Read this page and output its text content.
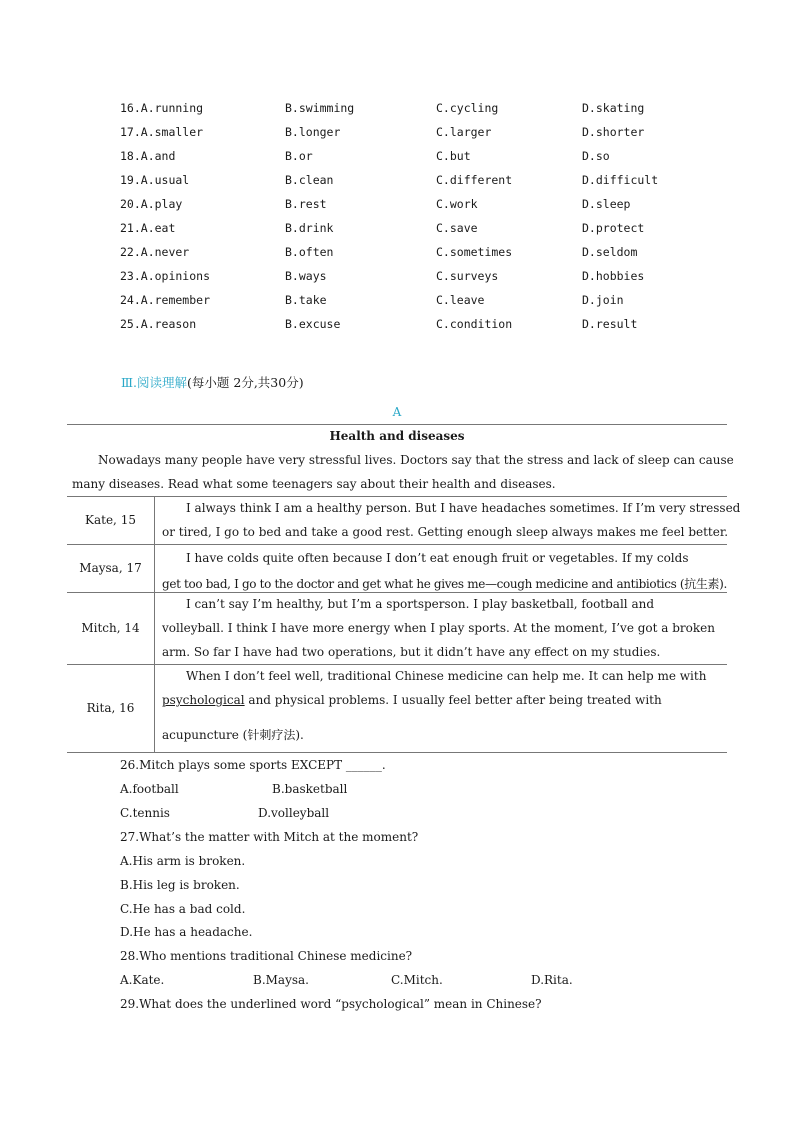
16.A.running	B.swimming	C.cycling	D.skating
17.A.smaller	B.longer	C.larger	D.shorter
18.A.and	B.or	C.but	D.so
19.A.usual	B.clean	C.different	D.difficult
20.A.play	B.rest	C.work	D.sleep
21.A.eat	B.drink	C.save	D.protect
22.A.never	B.often	C.sometimes	D.seldom
23.A.opinions	B.ways	C.surveys	D.hobbies
24.A.remember	B.take	C.leave	D.join
25.A.reason	B.excuse	C.condition	D.result
Ⅲ.阅读理解(每小题 2分,共30分)
A
Health and diseases
Nowadays many people have very stressful lives. Doctors say that the stress and lack of sleep can cause
many diseases. Read what some teenagers say about their health and diseases.
Kate, 15
I always think I am a healthy person. But I have headaches sometimes. If I’m very stressed
or tired, I go to bed and take a good rest. Getting enough sleep always makes me feel better.
Maysa, 17
I have colds quite often because I don’t eat enough fruit or vegetables. If my colds
get too bad, I go to the doctor and get what he gives me—cough medicine and antibiotics (抗生素).
Mitch, 14
I can’t say I’m healthy, but I’m a sportsperson. I play basketball, football and
volleyball. I think I have more energy when I play sports. At the moment, I’ve got a broken
arm. So far I have had two operations, but it didn’t have any effect on my studies.
Rita, 16
When I don’t feel well, traditional Chinese medicine can help me. It can help me with
psychological and physical problems. I usually feel better after being treated with
acupuncture (针刺疗法).
26.Mitch plays some sports EXCEPT ______.
A.football	B.basketball
C.tennis	D.volleyball
27.What’s the matter with Mitch at the moment?
A.His arm is broken.
B.His leg is broken.
C.He has a bad cold.
D.He has a headache.
28.Who mentions traditional Chinese medicine?
A.Kate.	B.Maysa.	C.Mitch.	D.Rita.
29.What does the underlined word “psychological” mean in Chinese?
